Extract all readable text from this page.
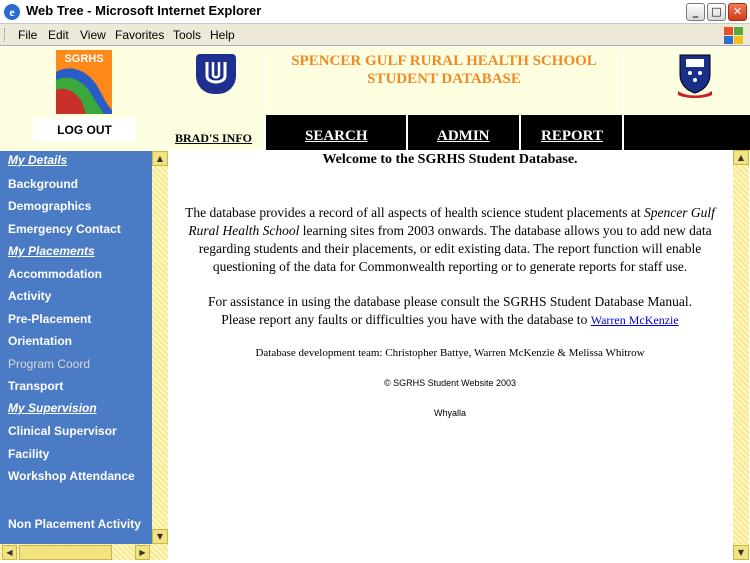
e Web Tree - Microsoft Internet Explorer	_	□	✕
File Edit View Favorites Tools Help
SGRHS
LOG OUT
My Details
Background
Demographics
Emergency Contact
My Placements
Accommodation
Activity
Pre-Placement
Orientation
Program Coord
Transport
My Supervision
Clinical Supervisor
Facility
Workshop Attendance
Non Placement Activity
▲
▼
◀	▶
SPENCER GULF RURAL HEALTH SCHOOL
STUDENT DATABASE
BRAD'S INFO	SEARCH	ADMIN	REPORT
▲
▼
Welcome to the SGRHS Student Database.
The database provides a record of all aspects of health science student placements at Spencer Gulf
Rural Health School learning sites from 2003 onwards. The database allows you to add new data
regarding students and their placements, or edit existing data. The report function will enable
questioning of the data for Commonwealth reporting or to generate reports for staff use.
For assistance in using the database please consult the SGRHS Student Database Manual.
Please report any faults or difficulties you have with the database to Warren McKenzie
Database development team: Christopher Battye, Warren McKenzie & Melissa Whitrow
© SGRHS Student Website 2003
Whyalla
